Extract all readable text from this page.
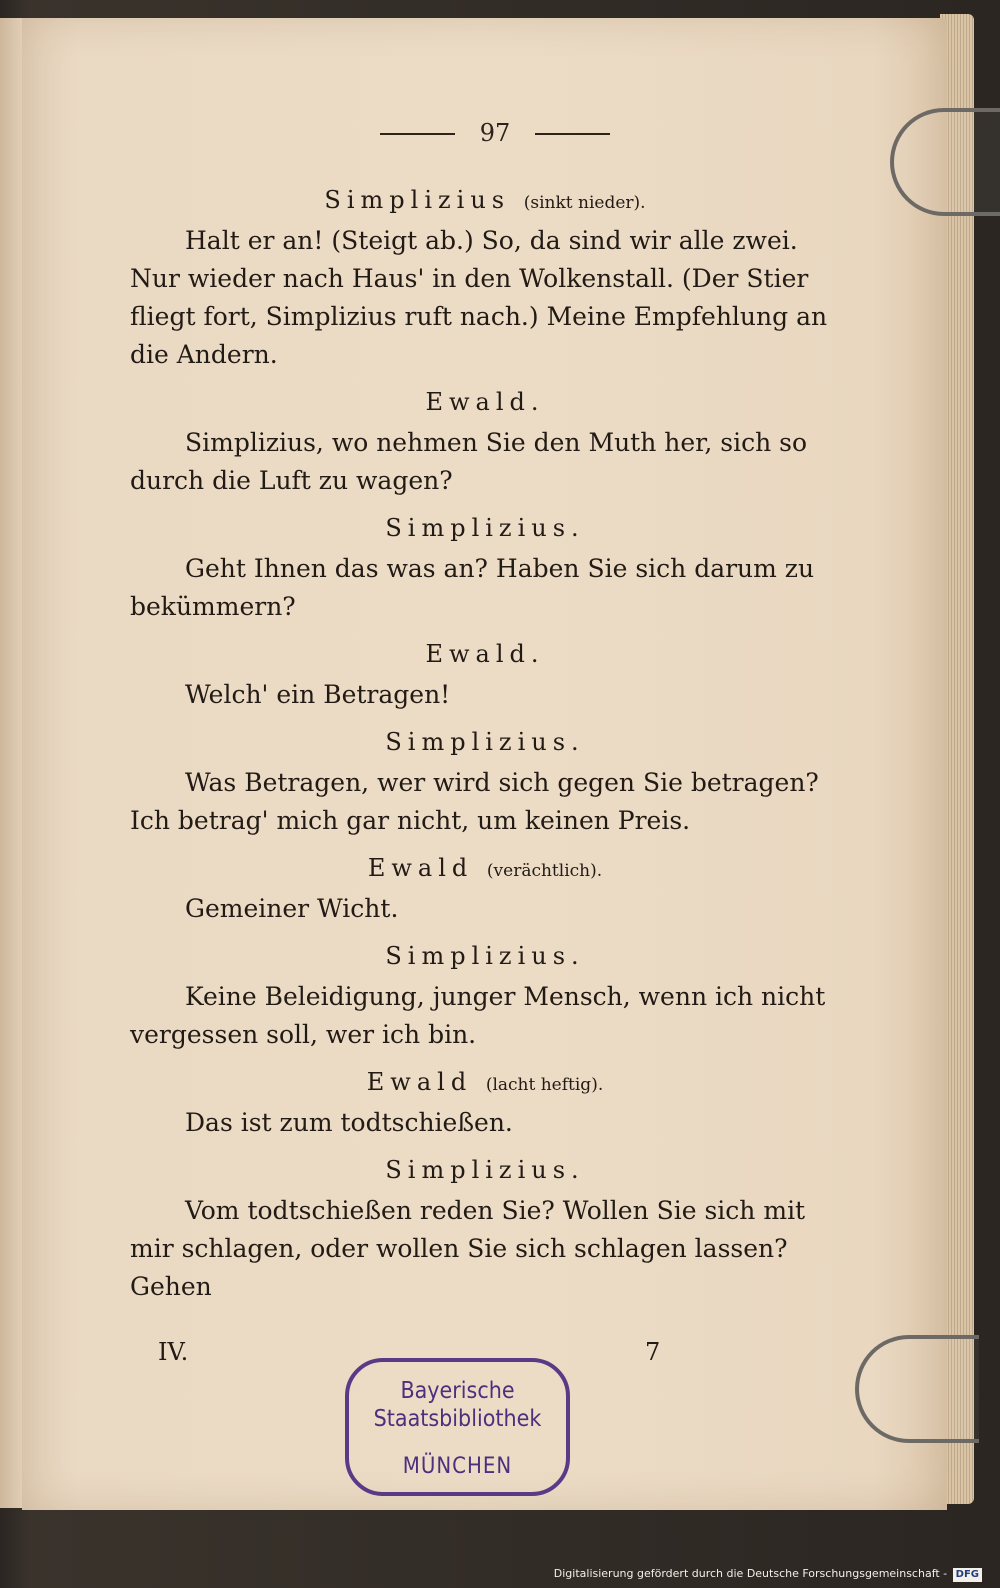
97
Simplizius (sinkt nieder).

Halt er an! (Steigt ab.) So, da sind wir alle zwei. Nur wieder nach Haus' in den Wolkenstall. (Der Stier fliegt fort, Simplizius ruft nach.) Meine Empfehlung an die Andern.

Ewald.

Simplizius, wo nehmen Sie den Muth her, sich so durch die Luft zu wagen?

Simplizius.

Geht Ihnen das was an? Haben Sie sich darum zu bekümmern?

Ewald.

Welch' ein Betragen!

Simplizius.

Was Betragen, wer wird sich gegen Sie betragen? Ich betrag' mich gar nicht, um keinen Preis.

Ewald (verächtlich).

Gemeiner Wicht.

Simplizius.

Keine Beleidigung, junger Mensch, wenn ich nicht vergessen soll, wer ich bin.

Ewald (lacht heftig).

Das ist zum todtschießen.

Simplizius.

Vom todtschießen reden Sie? Wollen Sie sich mit mir schlagen, oder wollen Sie sich schlagen lassen? Gehen

IV.	7
Bayerische
Staatsbibliothek
MÜNCHEN
Digitalisierung gefördert durch die Deutsche Forschungsgemeinschaft - DFG
